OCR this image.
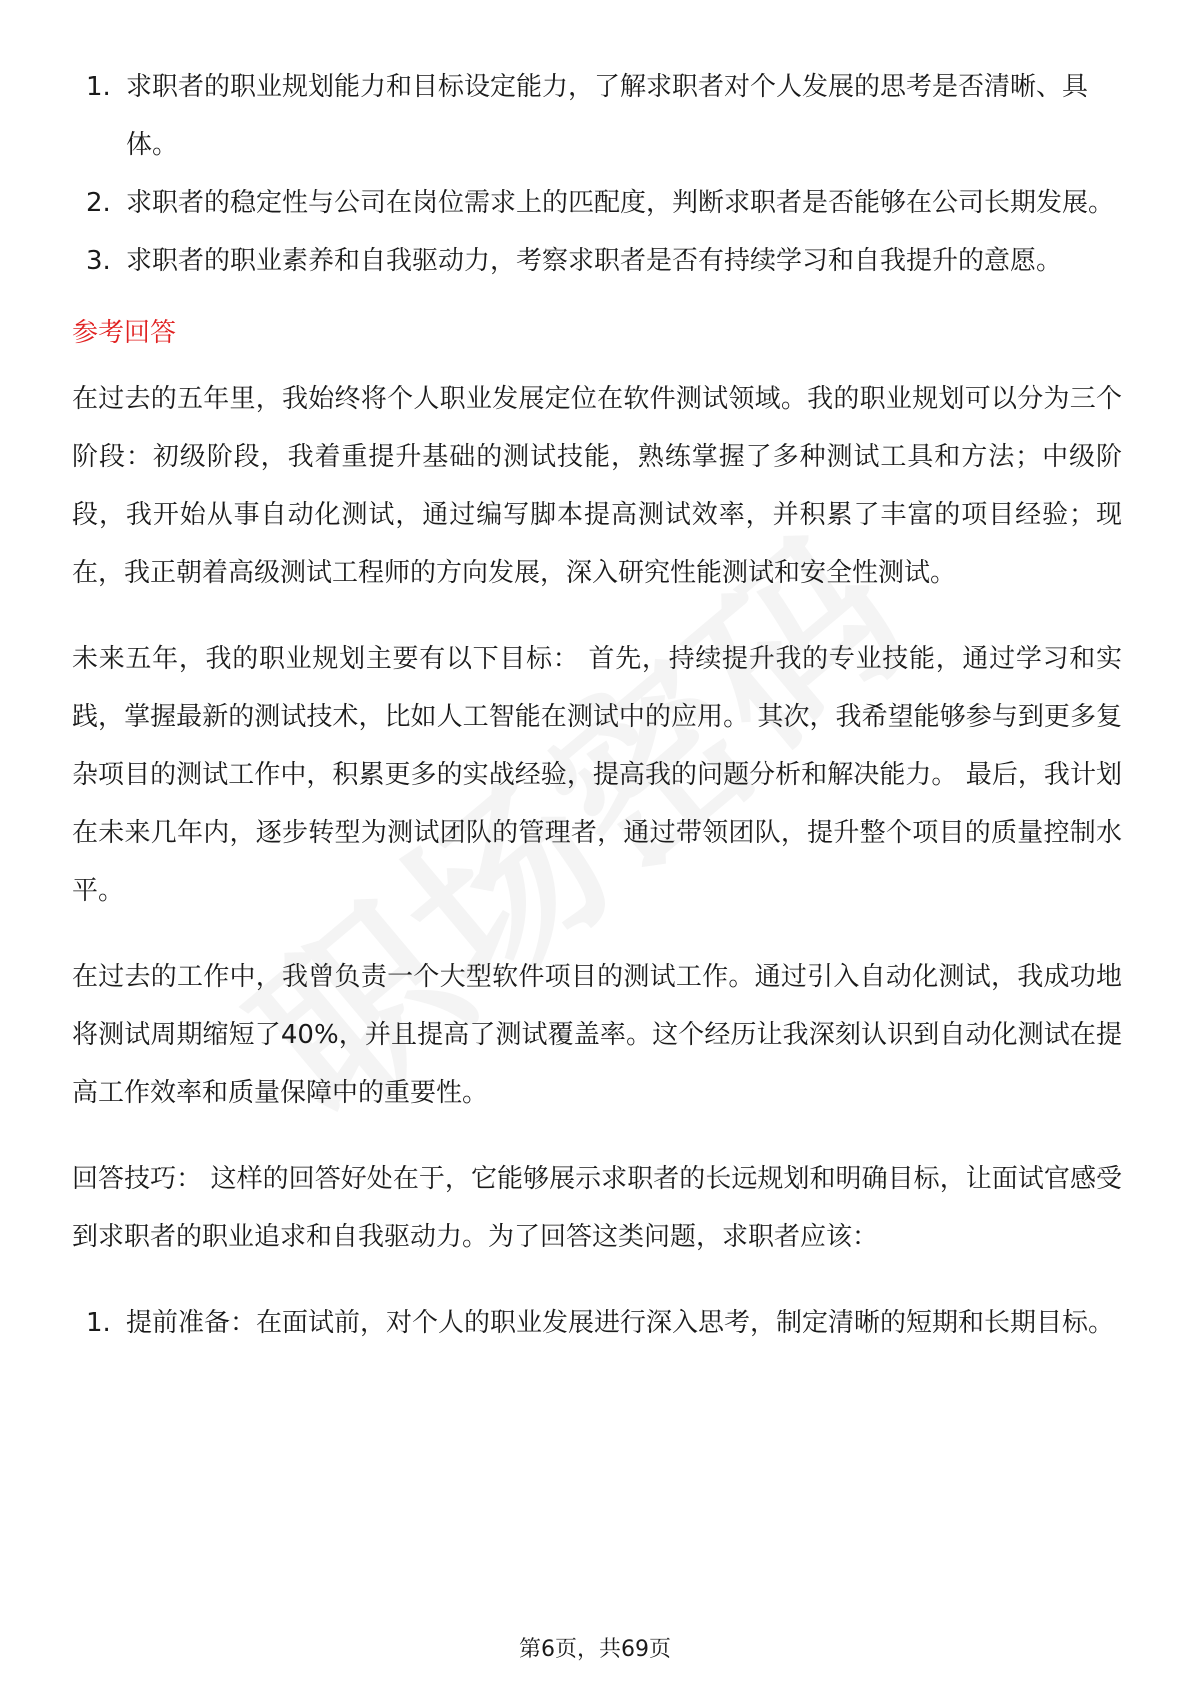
1. 求职者的职业规划能力和目标设定能力，了解求职者对个人发展的思考是否清晰、具体。
2. 求职者的稳定性与公司在岗位需求上的匹配度，判断求职者是否能够在公司长期发展。
3. 求职者的职业素养和自我驱动力，考察求职者是否有持续学习和自我提升的意愿。
参考回答

在过去的五年里，我始终将个人职业发展定位在软件测试领域。我的职业规划可以分为三个阶段：初级阶段，我着重提升基础的测试技能，熟练掌握了多种测试工具和方法；中级阶段，我开始从事自动化测试，通过编写脚本提高测试效率，并积累了丰富的项目经验；现在，我正朝着高级测试工程师的方向发展，深入研究性能测试和安全性测试。

未来五年，我的职业规划主要有以下目标： 首先，持续提升我的专业技能，通过学习和实践，掌握最新的测试技术，比如人工智能在测试中的应用。 其次，我希望能够参与到更多复杂项目的测试工作中，积累更多的实战经验，提高我的问题分析和解决能力。 最后，我计划在未来几年内，逐步转型为测试团队的管理者，通过带领团队，提升整个项目的质量控制水平。

在过去的工作中，我曾负责一个大型软件项目的测试工作。通过引入自动化测试，我成功地将测试周期缩短了40%，并且提高了测试覆盖率。这个经历让我深刻认识到自动化测试在提高工作效率和质量保障中的重要性。

回答技巧： 这样的回答好处在于，它能够展示求职者的长远规划和明确目标，让面试官感受到求职者的职业追求和自我驱动力。为了回答这类问题，求职者应该：

1. 提前准备：在面试前，对个人的职业发展进行深入思考，制定清晰的短期和长期目标。
第6页，共69页
